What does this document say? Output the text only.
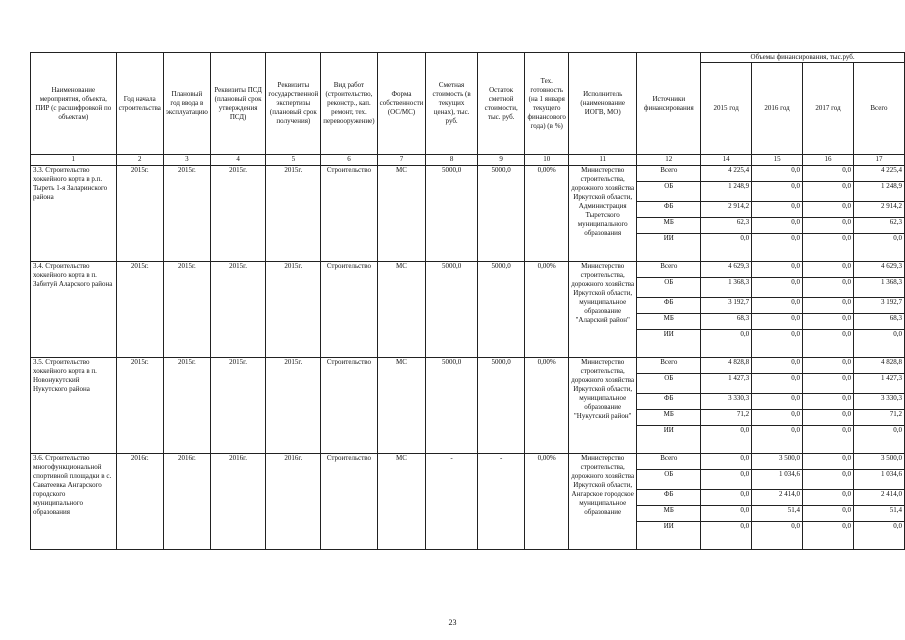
Наименование мероприятия, объекта, ПИР (с расшифровкой по объектам)	Год начала строительства	Плановый год ввода в эксплуатацию	Реквизиты ПСД (плановый срок утверждения ПСД)	Реквизиты государственной экспертизы (плановый срок получения)	Вид работ (строительство, реконстр., кап. ремонт, тех. перевооружение)	Форма собственности (ОС/МС)	Сметная стоимость (в текущих ценах), тыс. руб.	Остаток сметной стоимости, тыс. руб.	Тех. готовность (на 1 января текущего финансового года) (в %)	Исполнитель (наименование ИОГВ, МО)	Источники финансирования	Объемы финансирования, тыс.руб.			
												2015 год	2016 год	2017 год	Всего
1	2	3	4	5	6	7	8	9	10	11	12	14	15	16	17
3.3. Строительство хоккейного корта в р.п. Тыреть 1-я Заларинского района	2015г.	2015г.	2015г.	2015г.	Строительство	МС	5000,0	5000,0	0,00%	Министерство строительства, дорожного хозяйства Иркутской области, Администрация Тыретского муниципального образования	Всего	4 225,4	0,0	0,0	4 225,4
											ОБ	1 248,9	0,0	0,0	1 248,9
											ФБ	2 914,2	0,0	0,0	2 914,2
											МБ	62,3	0,0	0,0	62,3
											ИИ	0,0	0,0	0,0	0,0
3.4. Строительство хоккейного корта в п. Забитуй Аларского района	2015г.	2015г.	2015г.	2015г.	Строительство	МС	5000,0	5000,0	0,00%	Министерство строительства, дорожного хозяйства Иркутской области, муниципальное образование "Аларский район"	Всего	4 629,3	0,0	0,0	4 629,3
											ОБ	1 368,3	0,0	0,0	1 368,3
											ФБ	3 192,7	0,0	0,0	3 192,7
											МБ	68,3	0,0	0,0	68,3
											ИИ	0,0	0,0	0,0	0,0
3.5. Строительство хоккейного корта в п. Новонукутский Нукутского района	2015г.	2015г.	2015г.	2015г.	Строительство	МС	5000,0	5000,0	0,00%	Министерство строительства, дорожного хозяйства Иркутской области, муниципальное образование "Нукутский район"	Всего	4 828,8	0,0	0,0	4 828,8
											ОБ	1 427,3	0,0	0,0	1 427,3
											ФБ	3 330,3	0,0	0,0	3 330,3
											МБ	71,2	0,0	0,0	71,2
											ИИ	0,0	0,0	0,0	0,0
3.6. Строительство многофункциональной спортивной площадки в с. Саватеевка Ангарского городского муниципального образования	2016г.	2016г.	2016г.	2016г.	Строительство	МС	-	-	0,00%	Министерство строительства, дорожного хозяйства Иркутской области, Ангарское городское муниципальное образование	Всего	0,0	3 500,0	0,0	3 500,0
											ОБ	0,0	1 034,6	0,0	1 034,6
											ФБ	0,0	2 414,0	0,0	2 414,0
											МБ	0,0	51,4	0,0	51,4
											ИИ	0,0	0,0	0,0	0,0
23
